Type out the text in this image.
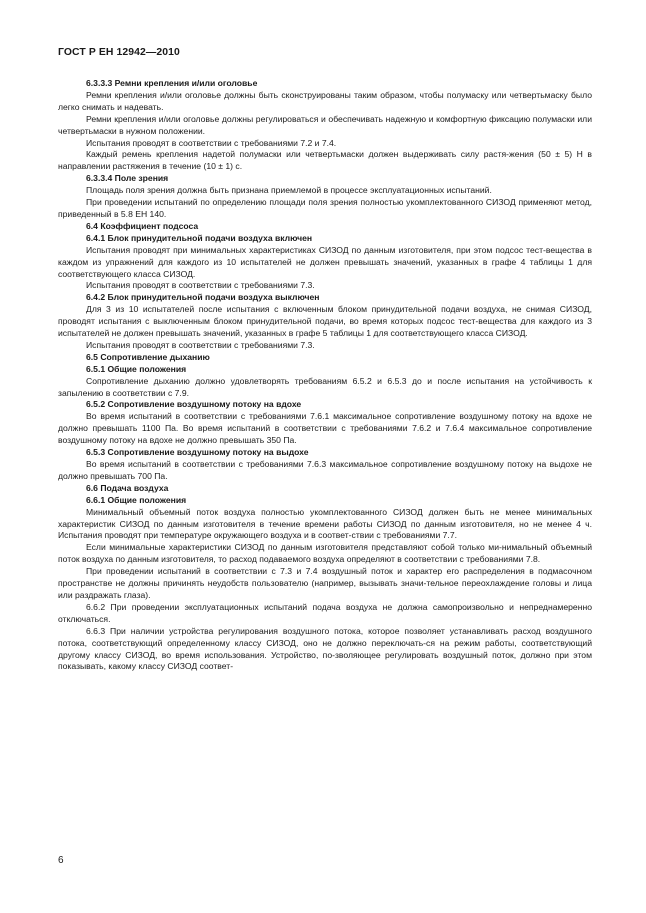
ГОСТ Р ЕН 12942—2010

6.3.3.3 Ремни крепления и/или оголовье

Ремни крепления и/или оголовье должны быть сконструированы таким образом, чтобы полумаску или четвертьмаску было легко снимать и надевать.

Ремни крепления и/или оголовье должны регулироваться и обеспечивать надежную и комфортную фиксацию полумаски или четвертьмаски в нужном положении.

Испытания проводят в соответствии с требованиями 7.2 и 7.4.

Каждый ремень крепления надетой полумаски или четвертьмаски должен выдерживать силу растя-жения (50 ± 5) Н в направлении растяжения в течение (10 ± 1) с.

6.3.3.4 Поле зрения

Площадь поля зрения должна быть признана приемлемой в процессе эксплуатационных испытаний.

При проведении испытаний по определению площади поля зрения полностью укомплектованного СИЗОД применяют метод, приведенный в 5.8 ЕН 140.

6.4 Коэффициент подсоса

6.4.1 Блок принудительной подачи воздуха включен

Испытания проводят при минимальных характеристиках СИЗОД по данным изготовителя, при этом подсос тест-вещества в каждом из упражнений для каждого из 10 испытателей не должен превышать значений, указанных в графе 4 таблицы 1 для соответствующего класса СИЗОД.

Испытания проводят в соответствии с требованиями 7.3.

6.4.2 Блок принудительной подачи воздуха выключен

Для 3 из 10 испытателей после испытания с включенным блоком принудительной подачи воздуха, не снимая СИЗОД, проводят испытания с выключенным блоком принудительной подачи, во время которых подсос тест-вещества для каждого из 3 испытателей не должен превышать значений, указанных в графе 5 таблицы 1 для соответствующего класса СИЗОД.

Испытания проводят в соответствии с требованиями 7.3.

6.5 Сопротивление дыханию

6.5.1 Общие положения

Сопротивление дыханию должно удовлетворять требованиям 6.5.2 и 6.5.3 до и после испытания на устойчивость к запылению в соответствии с 7.9.

6.5.2 Сопротивление воздушному потоку на вдохе

Во время испытаний в соответствии с требованиями 7.6.1 максимальное сопротивление воздушному потоку на вдохе не должно превышать 1100 Па. Во время испытаний в соответствии с требованиями 7.6.2 и 7.6.4 максимальное сопротивление воздушному потоку на вдохе не должно превышать 350 Па.

6.5.3 Сопротивление воздушному потоку на выдохе

Во время испытаний в соответствии с требованиями 7.6.3 максимальное сопротивление воздушному потоку на выдохе не должно превышать 700 Па.

6.6 Подача воздуха

6.6.1 Общие положения

Минимальный объемный поток воздуха полностью укомплектованного СИЗОД должен быть не менее минимальных характеристик СИЗОД по данным изготовителя в течение времени работы СИЗОД по данным изготовителя, но не менее 4 ч. Испытания проводят при температуре окружающего воздуха и в соответ-ствии с требованиями 7.7.

Если минимальные характеристики СИЗОД по данным изготовителя представляют собой только ми-нимальный объемный поток воздуха по данным изготовителя, то расход подаваемого воздуха определяют в соответствии с требованиями 7.8.

При проведении испытаний в соответствии с 7.3 и 7.4 воздушный поток и характер его распределения в подмасочном пространстве не должны причинять неудобств пользователю (например, вызывать значи-тельное переохлаждение головы и лица или раздражать глаза).

6.6.2 При проведении эксплуатационных испытаний подача воздуха не должна самопроизвольно и непреднамеренно отключаться.

6.6.3 При наличии устройства регулирования воздушного потока, которое позволяет устанавливать расход воздушного потока, соответствующий определенному классу СИЗОД, оно не должно переключать-ся на режим работы, соответствующий другому классу СИЗОД, во время использования. Устройство, по-зволяющее регулировать воздушный поток, должно при этом показывать, какому классу СИЗОД соответ-

6
